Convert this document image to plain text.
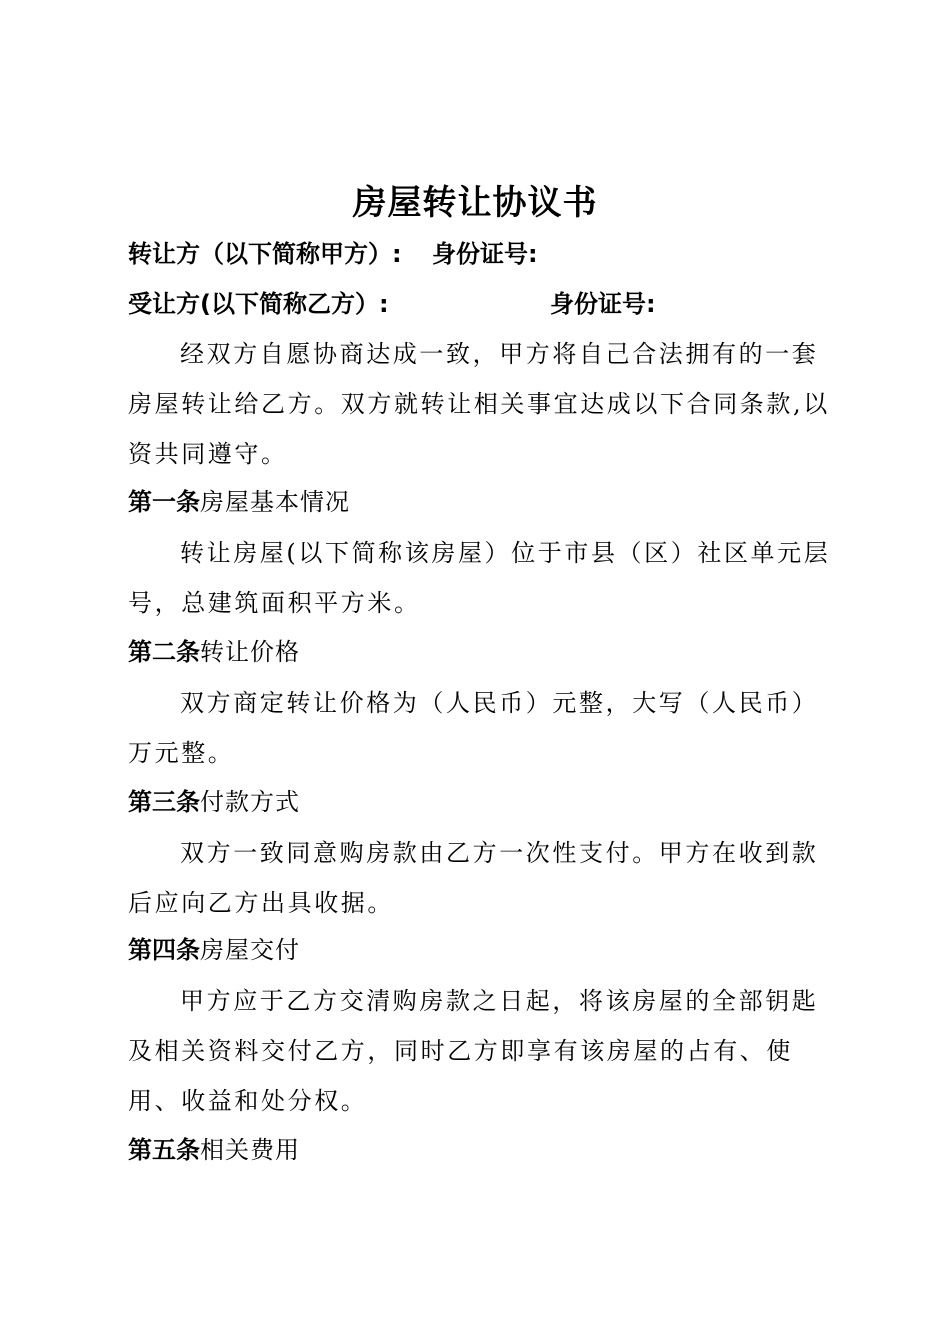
房屋转让协议书
转让方（以下简称甲方）: 身份证号:
受让方(以下简称乙方）:	身份证号:
经双方自愿协商达成一致，甲方将自己合法拥有的一套房屋转让给乙方。双方就转让相关事宜达成以下合同条款,以资共同遵守。
第一条房屋基本情况
转让房屋(以下简称该房屋）位于市县（区）社区单元层号，总建筑面积平方米。
第二条转让价格
双方商定转让价格为（人民币）元整，大写（人民币）万元整。
第三条付款方式
双方一致同意购房款由乙方一次性支付。甲方在收到款后应向乙方出具收据。
第四条房屋交付
甲方应于乙方交清购房款之日起，将该房屋的全部钥匙及相关资料交付乙方，同时乙方即享有该房屋的占有、使用、收益和处分权。
第五条相关费用
